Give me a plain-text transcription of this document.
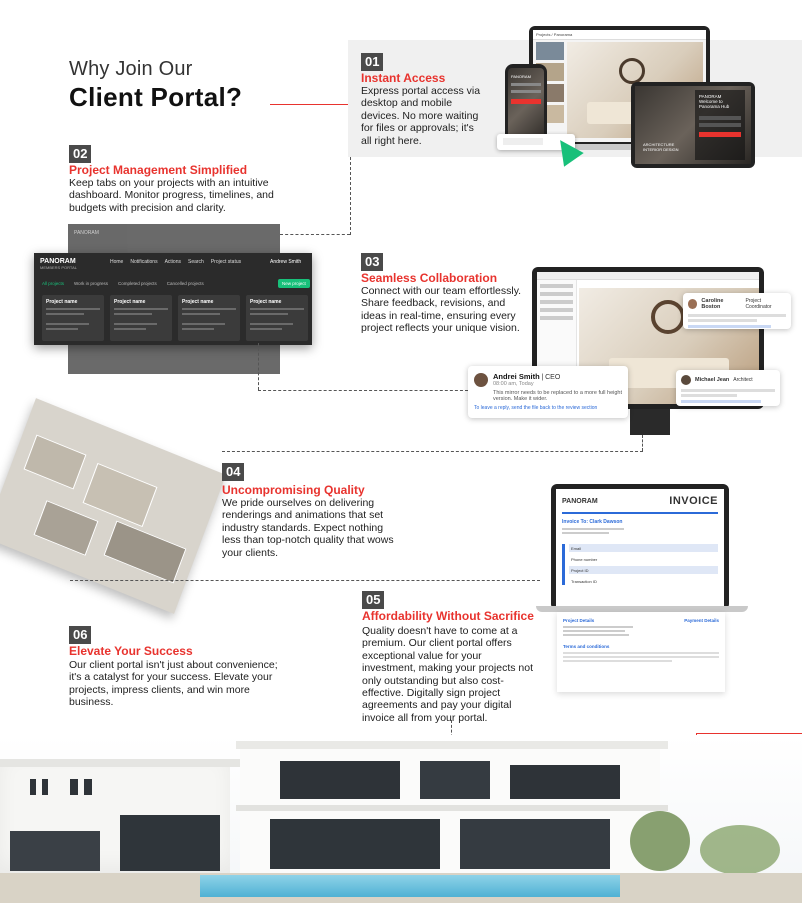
Why Join Our
Client Portal?
01
Instant Access
Express portal access via desktop and mobile devices. No more waiting for files or approvals; it's all right here.
Projects / Panorama
PANORAM
PANORAM
Welcome to Panorama Hub
ARCHITECTURE
INTERIOR DESIGN
02
Project Management Simplified
Keep tabs on your projects with an intuitive dashboard. Monitor progress, timelines, and budgets with precision and clarity.
PANORAM
PANORAM
MEMBERS PORTAL
Home Notifications Actions Search Project status	Andrew Smith
All projects Work in progress Completed projects Cancelled projects	New project
Project name	Project name	Project name	Project name
03
Seamless Collaboration
Connect with our team effortlessly. Share feedback, revisions, and ideas in real-time, ensuring every project reflects your unique vision.
Andrei Smith | CEO
08:00 am, Today
This mirror needs to be replaced to a more full height version. Make it wider.
To leave a reply, send the file back to the review section
Caroline Boston
Project Coordinator
Michael Jean Architect
04
Uncompromising Quality
We pride ourselves on delivering renderings and animations that set industry standards. Expect nothing less than top-notch quality that wows your clients.
PANORAM	INVOICE
Invoice To: Clark Dawson
Email
Phone number
Project ID
Transaction ID
Project Details	Payment Details
Terms and conditions
05
Affordability Without Sacrifice
Quality doesn't have to come at a premium. Our client portal offers exceptional value for your investment, making your projects not only outstanding but also cost-effective. Digitally sign project agreements and pay your digital invoice all from your portal.
06
Elevate Your Success
Our client portal isn't just about convenience; it's a catalyst for your success. Elevate your projects, impress clients, and win more business.
